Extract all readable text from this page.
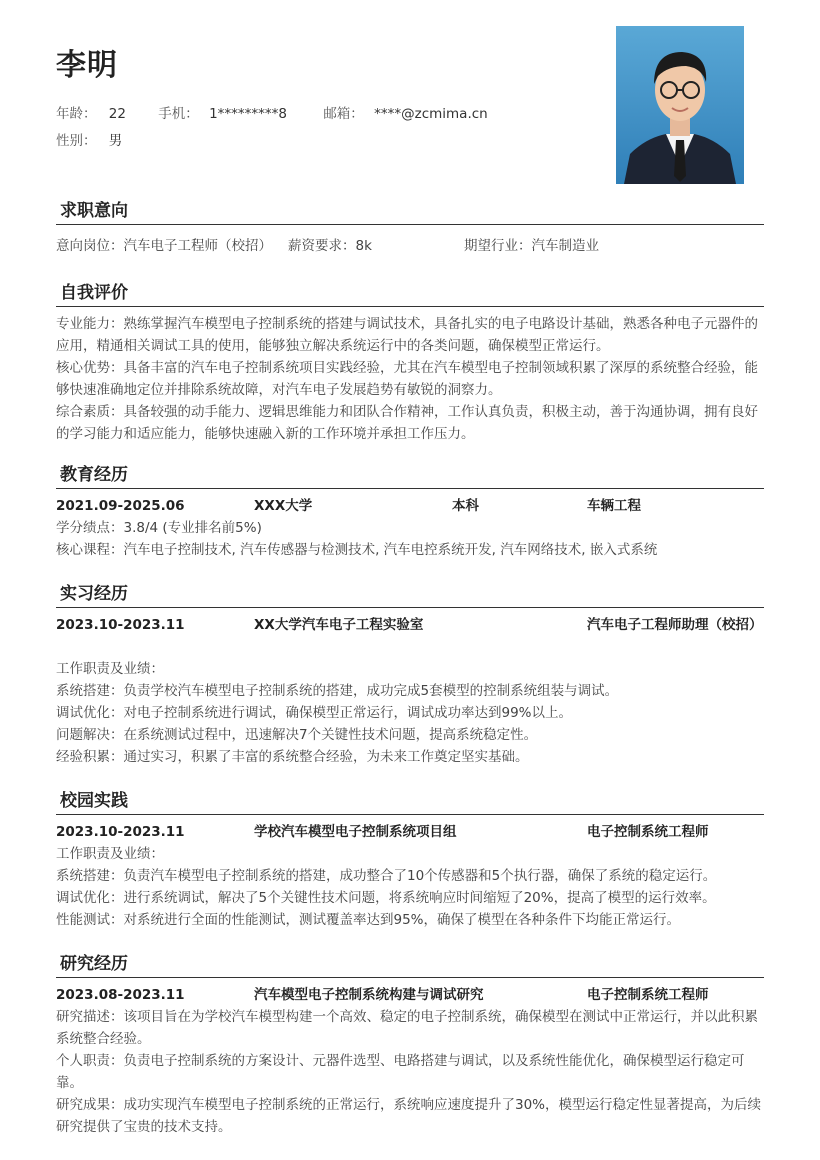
李明
年龄： 22 手机： 1*********8	邮箱： ****@zcmima.cn
性别： 男
求职意向
意向岗位：汽车电子工程师（校招） 薪资要求：8k	期望行业：汽车制造业
自我评价
专业能力：熟练掌握汽车模型电子控制系统的搭建与调试技术，具备扎实的电子电路设计基础，熟悉各种电子元器件的应用，精通相关调试工具的使用，能够独立解决系统运行中的各类问题，确保模型正常运行。
核心优势：具备丰富的汽车电子控制系统项目实践经验，尤其在汽车模型电子控制领域积累了深厚的系统整合经验，能够快速准确地定位并排除系统故障，对汽车电子发展趋势有敏锐的洞察力。
综合素质：具备较强的动手能力、逻辑思维能力和团队合作精神，工作认真负责，积极主动，善于沟通协调，拥有良好的学习能力和适应能力，能够快速融入新的工作环境并承担工作压力。
教育经历
2021.09-2025.06	XXX大学	本科	车辆工程
学分绩点：3.8/4 (专业排名前5%)
核心课程：汽车电子控制技术, 汽车传感器与检测技术, 汽车电控系统开发, 汽车网络技术, 嵌入式系统
实习经历
2023.10-2023.11	XX大学汽车电子工程实验室	汽车电子工程师助理（校招）
工作职责及业绩：
系统搭建：负责学校汽车模型电子控制系统的搭建，成功完成5套模型的控制系统组装与调试。
调试优化：对电子控制系统进行调试，确保模型正常运行，调试成功率达到99%以上。
问题解决：在系统测试过程中，迅速解决7个关键性技术问题，提高系统稳定性。
经验积累：通过实习，积累了丰富的系统整合经验，为未来工作奠定坚实基础。
校园实践
2023.10-2023.11	学校汽车模型电子控制系统项目组	电子控制系统工程师
工作职责及业绩：
系统搭建：负责汽车模型电子控制系统的搭建，成功整合了10个传感器和5个执行器，确保了系统的稳定运行。
调试优化：进行系统调试，解决了5个关键性技术问题，将系统响应时间缩短了20%，提高了模型的运行效率。
性能测试：对系统进行全面的性能测试，测试覆盖率达到95%，确保了模型在各种条件下均能正常运行。
研究经历
2023.08-2023.11	汽车模型电子控制系统构建与调试研究	电子控制系统工程师
研究描述：该项目旨在为学校汽车模型构建一个高效、稳定的电子控制系统，确保模型在测试中正常运行，并以此积累系统整合经验。
个人职责：负责电子控制系统的方案设计、元器件选型、电路搭建与调试，以及系统性能优化，确保模型运行稳定可靠。
研究成果：成功实现汽车模型电子控制系统的正常运行，系统响应速度提升了30%，模型运行稳定性显著提高，为后续研究提供了宝贵的技术支持。
